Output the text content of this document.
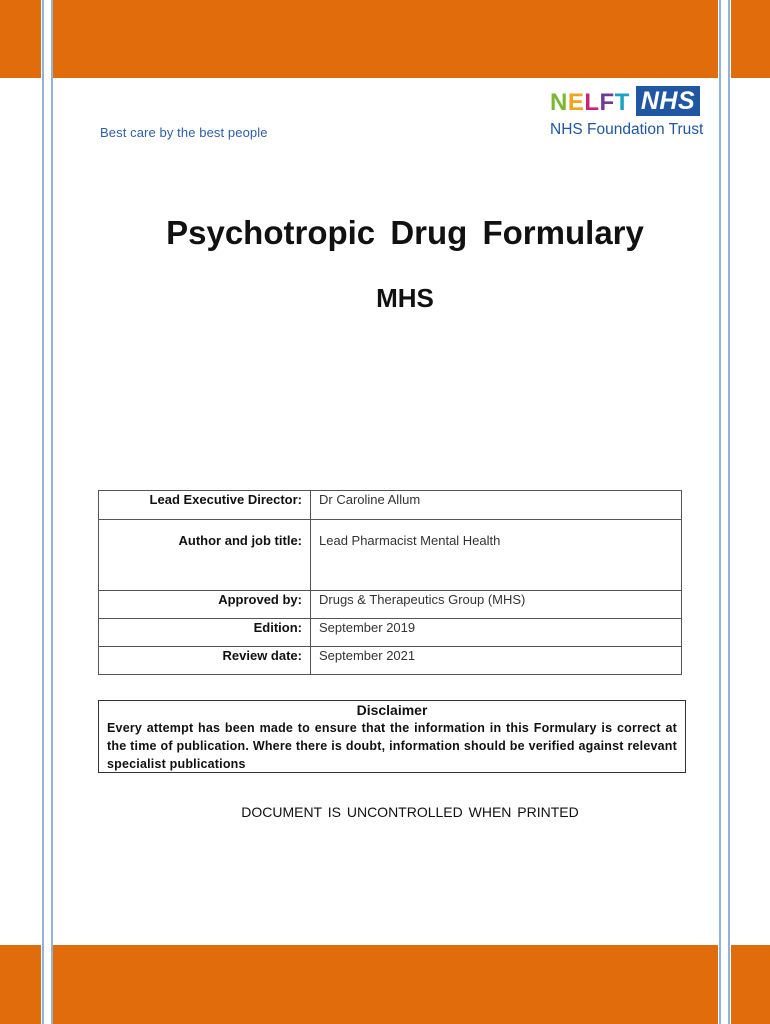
Best care by the best people
NELFT NHS
NHS Foundation Trust
Psychotropic Drug Formulary
MHS
Lead Executive Director:	Dr Caroline Allum
Author and job title:	Lead Pharmacist Mental Health
Approved by:	Drugs & Therapeutics Group (MHS)
Edition:	September 2019
Review date:	September 2021
Disclaimer
Every attempt has been made to ensure that the information in this Formulary is correct at the time of publication. Where there is doubt, information should be verified against relevant specialist publications
DOCUMENT IS UNCONTROLLED WHEN PRINTED
